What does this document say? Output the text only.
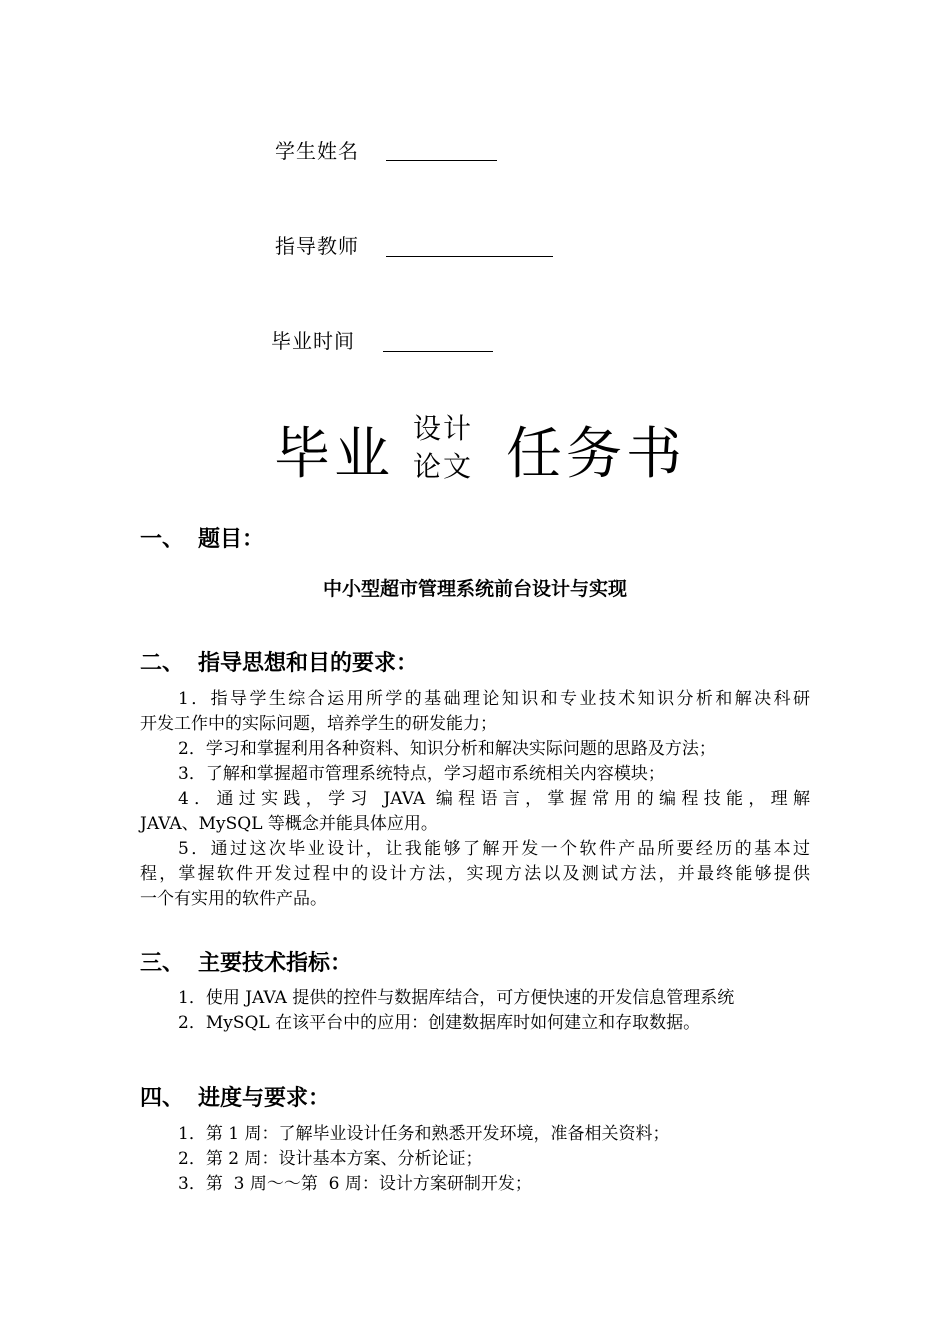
学生姓名
指导教师
毕业时间
毕业 设计
论文 任务书
一、 题目：
中小型超市管理系统前台设计与实现
二、 指导思想和目的要求：
1．指导学生综合运用所学的基础理论知识和专业技术知识分析和解决科研
开发工作中的实际问题，培养学生的研发能力；
2．学习和掌握利用各种资料、知识分析和解决实际问题的思路及方法；
3．了解和掌握超市管理系统特点，学习超市系统相关内容模块；
4．通过实践，学习 JAVA 编程语言，掌握常用的编程技能，理解
JAVA、MySQL 等概念并能具体应用。
5．通过这次毕业设计，让我能够了解开发一个软件产品所要经历的基本过
程，掌握软件开发过程中的设计方法，实现方法以及测试方法，并最终能够提供
一个有实用的软件产品。
三、 主要技术指标：
1．使用 JAVA 提供的控件与数据库结合，可方便快速的开发信息管理系统
2．MySQL 在该平台中的应用：创建数据库时如何建立和存取数据。
四、 进度与要求：
1．第 1 周：了解毕业设计任务和熟悉开发环境，准备相关资料；
2．第 2 周：设计基本方案、分析论证；
3．第  3 周～～第  6 周：设计方案研制开发；
